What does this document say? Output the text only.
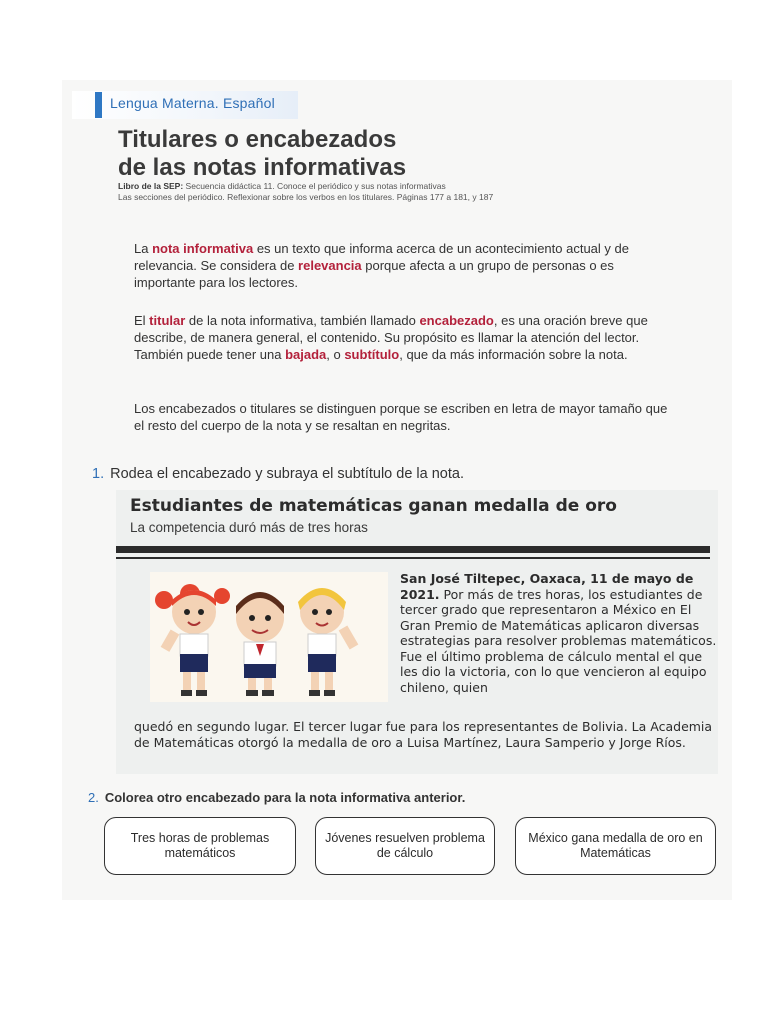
Lengua Materna. Español
Titulares o encabezados
de las notas informativas
Libro de la SEP: Secuencia didáctica 11. Conoce el periódico y sus notas informativas
Las secciones del periódico. Reflexionar sobre los verbos en los titulares. Páginas 177 a 181, y 187

La nota informativa es un texto que informa acerca de un acontecimiento actual y de relevancia. Se considera de relevancia porque afecta a un grupo de personas o es importante para los lectores.

El titular de la nota informativa, también llamado encabezado, es una oración breve que describe, de manera general, el contenido. Su propósito es llamar la atención del lector. También puede tener una bajada, o subtítulo, que da más información sobre la nota.

Los encabezados o titulares se distinguen porque se escriben en letra de mayor tamaño que el resto del cuerpo de la nota y se resaltan en negritas.

1. Rodea el encabezado y subraya el subtítulo de la nota.
Estudiantes de matemáticas ganan medalla de oro
La competencia duró más de tres horas
San José Tiltepec, Oaxaca, 11 de mayo de 2021. Por más de tres horas, los estudiantes de tercer grado que representaron a México en El Gran Premio de Matemáticas aplicaron diversas estrategias para resolver problemas matemáticos. Fue el último problema de cálculo mental el que les dio la victoria, con lo que vencieron al equipo chileno, quien
quedó en segundo lugar. El tercer lugar fue para los representantes de Bolivia. La Academia de Matemáticas otorgó la medalla de oro a Luisa Martínez, Laura Samperio y Jorge Ríos.
2. Colorea otro encabezado para la nota informativa anterior.
Tres horas de problemas matemáticos
Jóvenes resuelven problema de cálculo
México gana medalla de oro en Matemáticas
